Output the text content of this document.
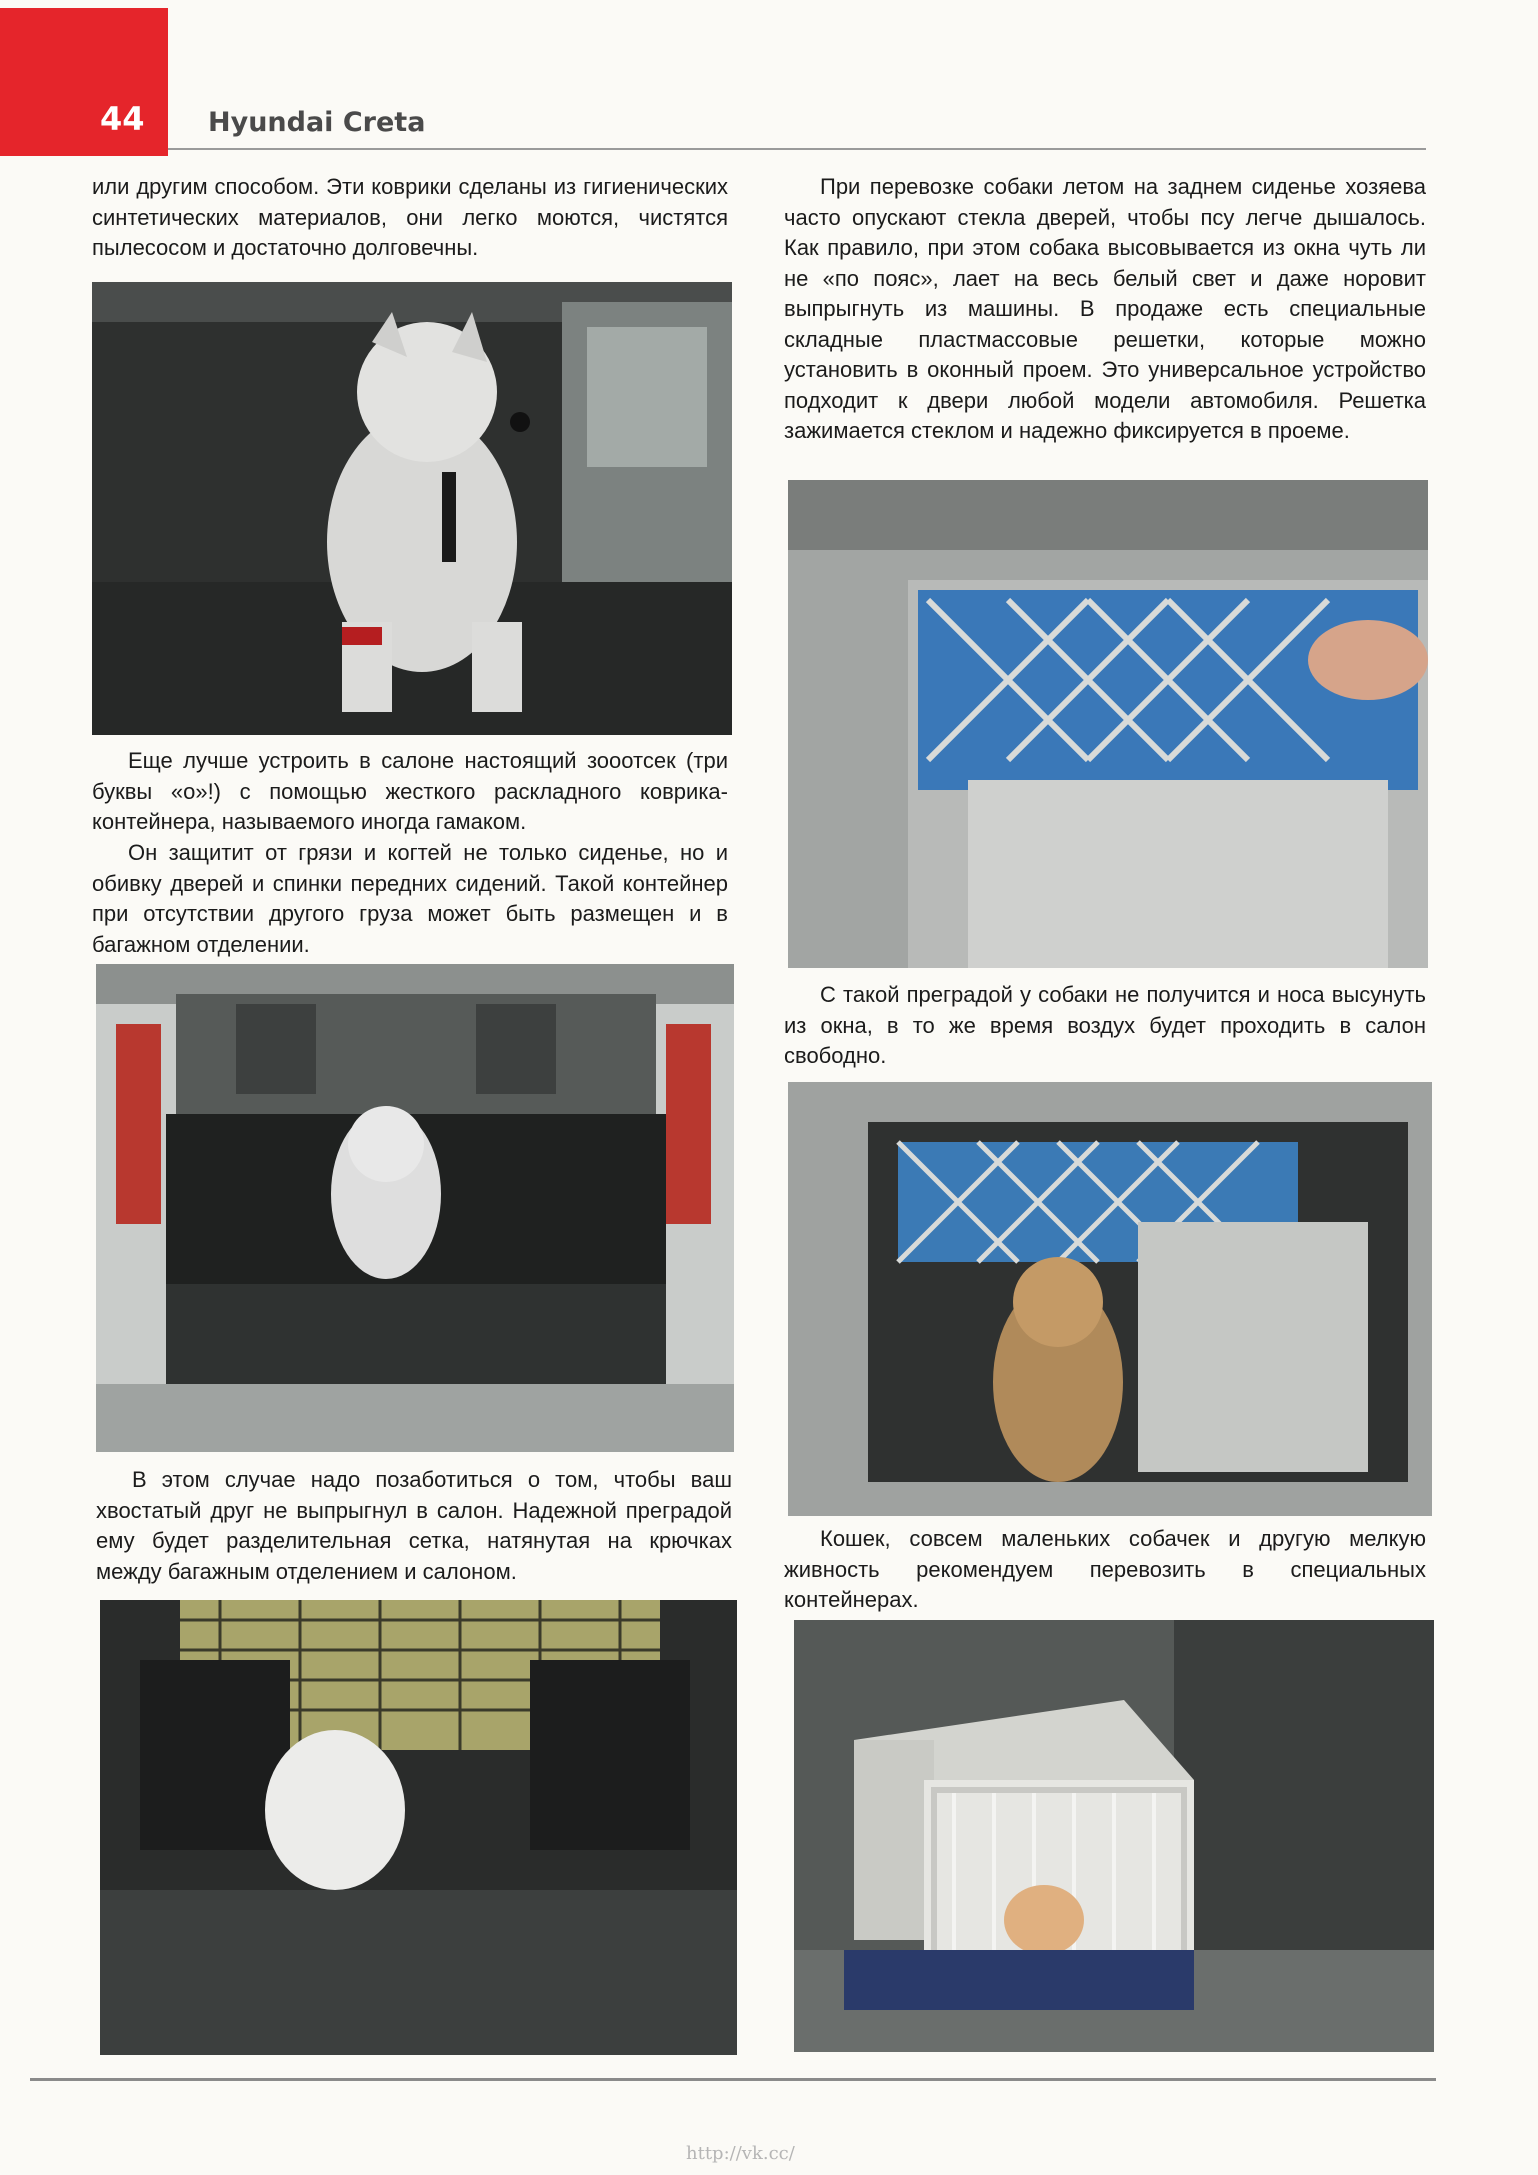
44 Hyundai Creta

или другим способом. Эти коврики сделаны из гигиенических синтетических материалов, они легко моются, чистятся пылесосом и достаточно долговечны.

Еще лучше устроить в салоне настоящий зооотсек (три буквы «о»!) с помощью жесткого раскладного коврика-контейнера, называемого иногда гамаком.

Он защитит от грязи и когтей не только сиденье, но и обивку дверей и спинки передних сидений. Такой контейнер при отсутствии другого груза может быть размещен и в багажном отделении.

В этом случае надо позаботиться о том, чтобы ваш хвостатый друг не выпрыгнул в салон. Надежной преградой ему будет разделительная сетка, натянутая на крючках между багажным отделением и салоном.

При перевозке собаки летом на заднем сиденье хозяева часто опускают стекла дверей, чтобы псу легче дышалось. Как правило, при этом собака высовывается из окна чуть ли не «по пояс», лает на весь белый свет и даже норовит выпрыгнуть из машины. В продаже есть специальные складные пластмассовые решетки, которые можно установить в оконный проем. Это универсальное устройство подходит к двери любой модели автомобиля. Решетка зажимается стеклом и надежно фиксируется в проеме.

С такой преградой у собаки не получится и носа высунуть из окна, в то же время воздух будет проходить в салон свободно.

Кошек, совсем маленьких собачек и другую мелкую живность рекомендуем перевозить в специальных контейнерах.

http://vk.cc/
